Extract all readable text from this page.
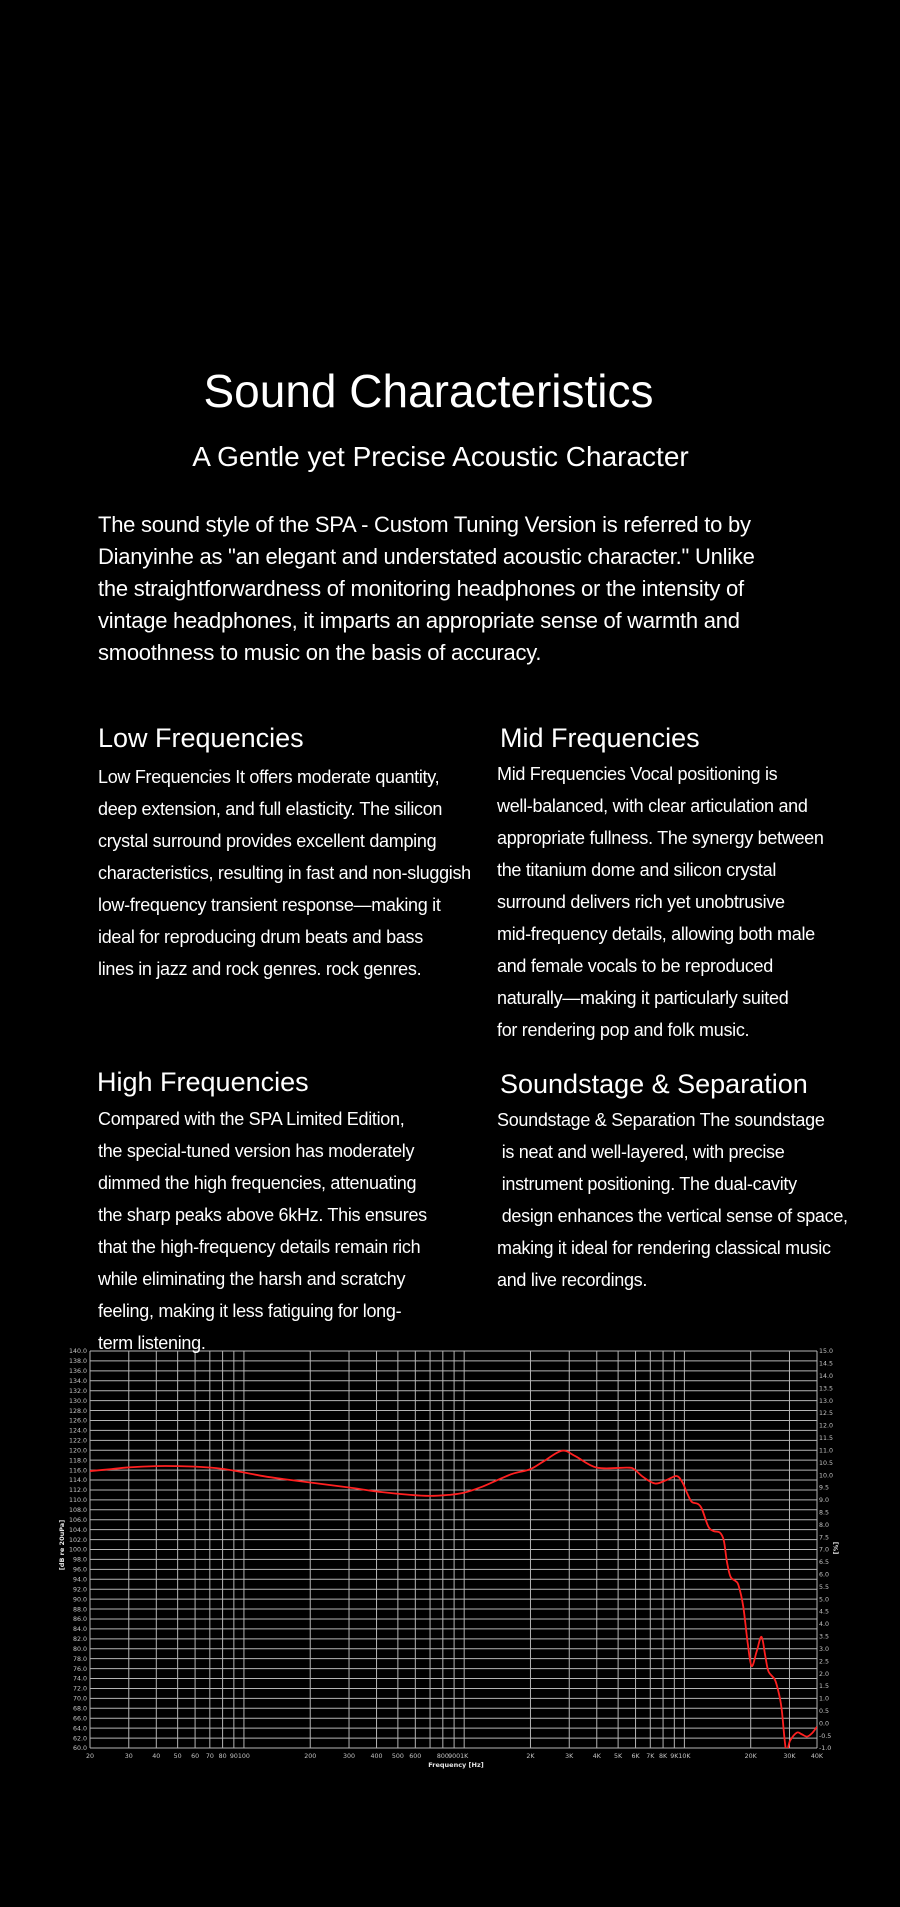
Sound Characteristics
A Gentle yet Precise Acoustic Character
The sound style of the SPA - Custom Tuning Version is referred to by
Dianyinhe as "an elegant and understated acoustic character." Unlike
the straightforwardness of monitoring headphones or the intensity of
vintage headphones, it imparts an appropriate sense of warmth and
smoothness to music on the basis of accuracy.
Low Frequencies
Low Frequencies It offers moderate quantity,
deep extension, and full elasticity. The silicon
crystal surround provides excellent damping
characteristics, resulting in fast and non-sluggish
low-frequency transient response—making it
ideal for reproducing drum beats and bass
lines in jazz and rock genres. rock genres.
Mid Frequencies
Mid Frequencies Vocal positioning is
well-balanced, with clear articulation and
appropriate fullness. The synergy between
the titanium dome and silicon crystal
surround delivers rich yet unobtrusive
mid-frequency details, allowing both male
and female vocals to be reproduced
naturally—making it particularly suited
for rendering pop and folk music.
High Frequencies
Compared with the SPA Limited Edition,
the special-tuned version has moderately
dimmed the high frequencies, attenuating
the sharp peaks above 6kHz. This ensures
that the high-frequency details remain rich
while eliminating the harsh and scratchy
feeling, making it less fatiguing for long-
term listening.
Soundstage & Separation
Soundstage & Separation The soundstage
is neat and well-layered, with precise
instrument positioning. The dual-cavity
design enhances the vertical sense of space,
making it ideal for rendering classical music
and live recordings.
140.0
138.0
136.0
134.0
132.0
130.0
128.0
126.0
124.0
122.0
120.0
118.0
116.0
114.0
112.0
110.0
108.0
106.0
104.0
102.0
100.0
98.0
96.0
94.0
92.0
90.0
88.0
86.0
84.0
82.0
80.0
78.0
76.0
74.0
72.0
70.0
68.0
66.0
64.0
62.0
60.0
20	30	40 50 60 70 80 90 100	200	300 400 500 600 800 900 1K	2K	3K	4K 5K 6K 7K 8K 9K 10K	20K	30K 40K
15.0
14.5
14.0
13.5
13.0
12.5
12.0
11.5
11.0
10.5
10.0
9.5
9.0
8.5
8.0
7.5
7.0
6.5
6.0
5.5
5.0
4.5
4.0
3.5
3.0
2.5
2.0
1.5
1.0
0.5
0.0
-0.5
-1.0
Frequency [Hz]
[dB re 20uPa]	[%]
